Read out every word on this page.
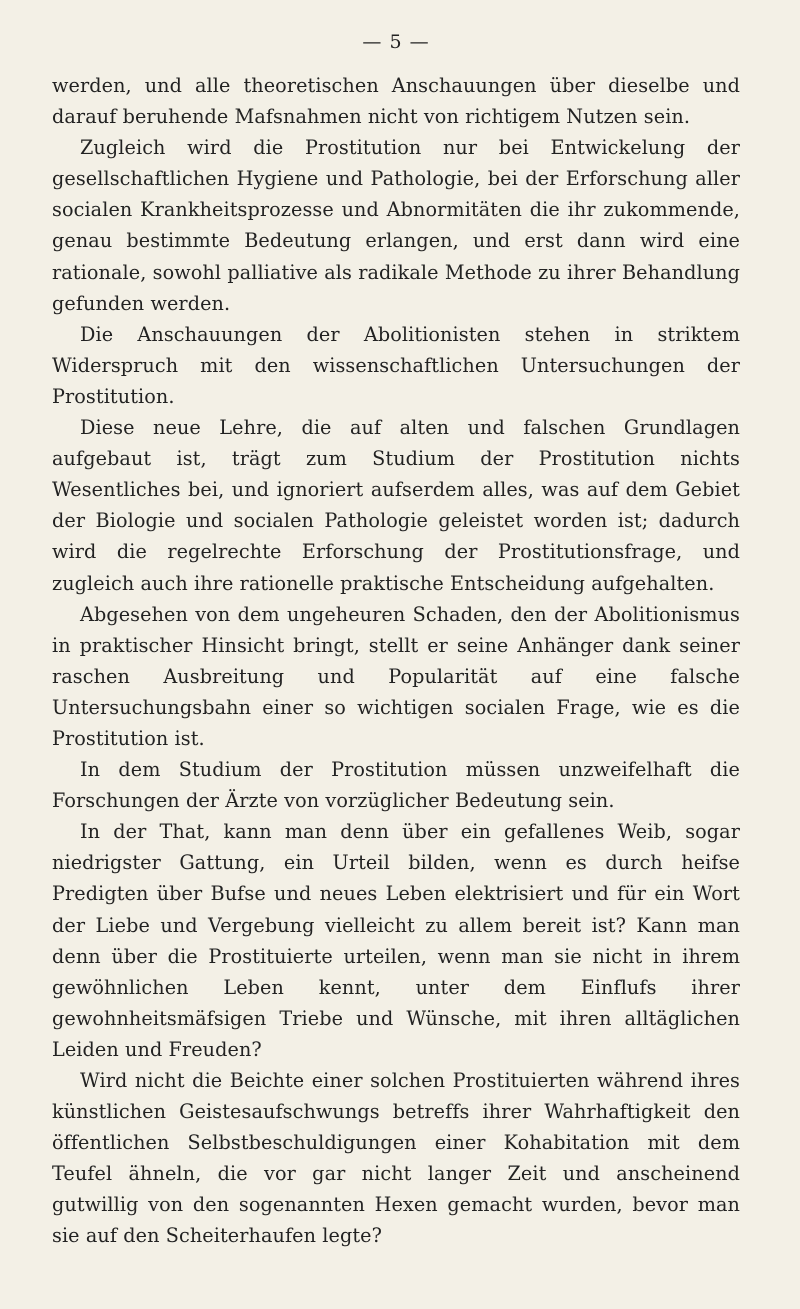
— 5 —

werden, und alle theoretischen Anschauungen über dieselbe und darauf beruhende Mafsnahmen nicht von richtigem Nutzen sein.

Zugleich wird die Prostitution nur bei Entwickelung der gesellschaftlichen Hygiene und Pathologie, bei der Erforschung aller socialen Krankheitsprozesse und Abnormitäten die ihr zukommende, genau bestimmte Bedeutung erlangen, und erst dann wird eine rationale, sowohl palliative als radikale Methode zu ihrer Behandlung gefunden werden.

Die Anschauungen der Abolitionisten stehen in striktem Widerspruch mit den wissenschaftlichen Untersuchungen der Prostitution.

Diese neue Lehre, die auf alten und falschen Grundlagen aufgebaut ist, trägt zum Studium der Prostitution nichts Wesentliches bei, und ignoriert aufserdem alles, was auf dem Gebiet der Biologie und socialen Pathologie geleistet worden ist; dadurch wird die regelrechte Erforschung der Prostitutionsfrage, und zugleich auch ihre rationelle praktische Entscheidung aufgehalten.

Abgesehen von dem ungeheuren Schaden, den der Abolitionismus in praktischer Hinsicht bringt, stellt er seine Anhänger dank seiner raschen Ausbreitung und Popularität auf eine falsche Untersuchungsbahn einer so wichtigen socialen Frage, wie es die Prostitution ist.

In dem Studium der Prostitution müssen unzweifelhaft die Forschungen der Ärzte von vorzüglicher Bedeutung sein.

In der That, kann man denn über ein gefallenes Weib, sogar niedrigster Gattung, ein Urteil bilden, wenn es durch heifse Predigten über Bufse und neues Leben elektrisiert und für ein Wort der Liebe und Vergebung vielleicht zu allem bereit ist? Kann man denn über die Prostituierte urteilen, wenn man sie nicht in ihrem gewöhnlichen Leben kennt, unter dem Einflufs ihrer gewohnheitsmäfsigen Triebe und Wünsche, mit ihren alltäglichen Leiden und Freuden?

Wird nicht die Beichte einer solchen Prostituierten während ihres künstlichen Geistesaufschwungs betreffs ihrer Wahrhaftigkeit den öffentlichen Selbstbeschuldigungen einer Kohabitation mit dem Teufel ähneln, die vor gar nicht langer Zeit und anscheinend gutwillig von den sogenannten Hexen gemacht wurden, bevor man sie auf den Scheiterhaufen legte?
